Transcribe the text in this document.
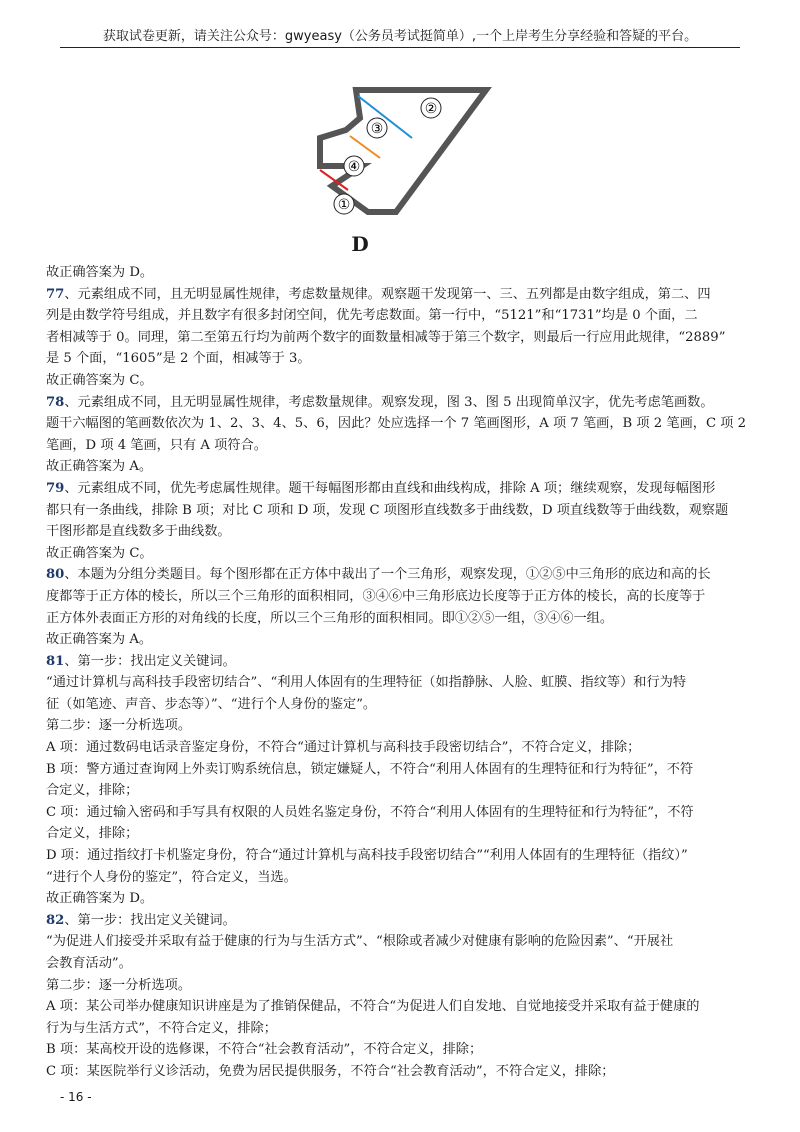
获取试卷更新，请关注公众号：gwyeasy（公务员考试挺简单）,一个上岸考生分享经验和答疑的平台。
②
③
④
①
D

故正确答案为 D。

77、元素组成不同，且无明显属性规律，考虑数量规律。观察题干发现第一、三、五列都是由数字组成，第二、四

列是由数学符号组成，并且数字有很多封闭空间，优先考虑数面。第一行中，“5121”和“1731”均是 0 个面，二

者相减等于 0。同理，第二至第五行均为前两个数字的面数量相减等于第三个数字，则最后一行应用此规律，“2889”

是 5 个面，“1605”是 2 个面，相减等于 3。

故正确答案为 C。

78、元素组成不同，且无明显属性规律，考虑数量规律。观察发现，图 3、图 5 出现简单汉字，优先考虑笔画数。

题干六幅图的笔画数依次为 1、2、3、4、5、6，因此？处应选择一个 7 笔画图形，A 项 7 笔画，B 项 2 笔画，C 项 2

笔画，D 项 4 笔画，只有 A 项符合。

故正确答案为 A。

79、元素组成不同，优先考虑属性规律。题干每幅图形都由直线和曲线构成，排除 A 项；继续观察，发现每幅图形

都只有一条曲线，排除 B 项；对比 C 项和 D 项，发现 C 项图形直线数多于曲线数，D 项直线数等于曲线数，观察题

干图形都是直线数多于曲线数。

故正确答案为 C。

80、本题为分组分类题目。每个图形都在正方体中裁出了一个三角形，观察发现，①②⑤中三角形的底边和高的长

度都等于正方体的棱长，所以三个三角形的面积相同，③④⑥中三角形底边长度等于正方体的棱长，高的长度等于

正方体外表面正方形的对角线的长度，所以三个三角形的面积相同。即①②⑤一组，③④⑥一组。

故正确答案为 A。

81、第一步：找出定义关键词。

“通过计算机与高科技手段密切结合”、“利用人体固有的生理特征（如指静脉、人脸、虹膜、指纹等）和行为特

征（如笔迹、声音、步态等）”、“进行个人身份的鉴定”。

第二步：逐一分析选项。

A 项：通过数码电话录音鉴定身份，不符合“通过计算机与高科技手段密切结合”，不符合定义，排除；

B 项：警方通过查询网上外卖订购系统信息，锁定嫌疑人，不符合“利用人体固有的生理特征和行为特征”，不符

合定义，排除；

C 项：通过输入密码和手写具有权限的人员姓名鉴定身份，不符合“利用人体固有的生理特征和行为特征”，不符

合定义，排除；

D 项：通过指纹打卡机鉴定身份，符合“通过计算机与高科技手段密切结合”“利用人体固有的生理特征（指纹）”

“进行个人身份的鉴定”，符合定义，当选。

故正确答案为 D。

82、第一步：找出定义关键词。

“为促进人们接受并采取有益于健康的行为与生活方式”、“根除或者减少对健康有影响的危险因素”、“开展社

会教育活动”。

第二步：逐一分析选项。

A 项：某公司举办健康知识讲座是为了推销保健品，不符合“为促进人们自发地、自觉地接受并采取有益于健康的

行为与生活方式”，不符合定义，排除；

B 项：某高校开设的选修课，不符合“社会教育活动”，不符合定义，排除；

C 项：某医院举行义诊活动，免费为居民提供服务，不符合“社会教育活动”，不符合定义，排除；

- 16 -
